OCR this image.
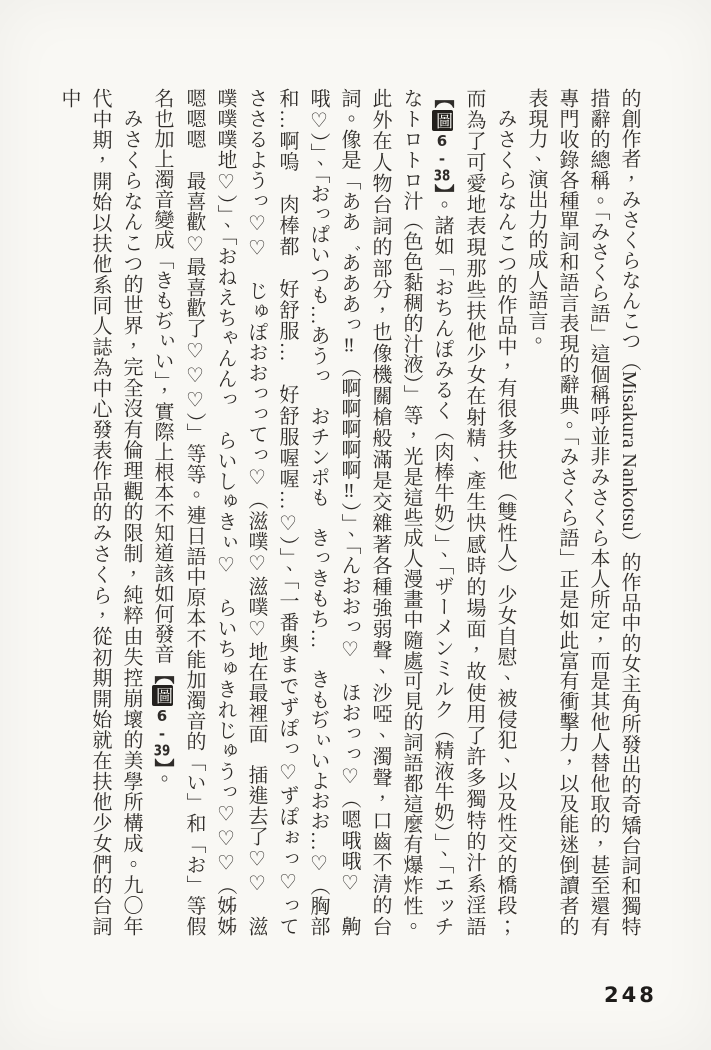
的創作者，みさくらなんこつ（Misakura Nankotsu）的作品中的女主角所發出的奇矯台詞和獨特措辭的總稱。「みさくら語」這個稱呼並非みさくら本人所定，而是其他人替他取的，甚至還有專門收錄各種單詞和語言表現的辭典。「みさくら語」正是如此富有衝擊力，以及能迷倒讀者的表現力、演出力的成人語言。

みさくらなんこつ的作品中，有很多扶他（雙性人）少女自慰、被侵犯、以及性交的橋段；而為了可愛地表現那些扶他少女在射精、產生快感時的場面，故使用了許多獨特的汁系淫語【圖6-38】。諸如「おちんぽみるく（肉棒牛奶）」、「ザーメンミルク（精液牛奶）」、「エッチなトロトロ汁（色色黏稠的汁液）」等，光是這些成人漫畫中隨處可見的詞語都這麼有爆炸性。此外在人物台詞的部分，也像機關槍般滿是交雜著各種強弱聲、沙啞、濁聲，口齒不清的台詞。像是「ああ゛あああっ‼（啊啊啊啊啊‼）」、「んおおっ♡　ほおっっ♡（嗯哦哦♡　齁哦♡）」、「おっぱいつも…あうっ　おチンポも　きっきもち…　きもぢぃいよおお…♡（胸部和…啊嗚　肉棒都　好舒服…　好舒服喔喔…♡）」、「一番奥までずぽっ♡ずぽぉっ♡って　ささるようっ♡♡　じゅぽおおっってっ♡（滋噗♡滋噗♡地在最裡面　插進去了♡♡　滋噗噗噗地♡）」、「おねえちゃんんっ　らいしゅきぃ♡　らいちゅきれじゅうっ♡♡♡（姊姊嗯嗯嗯　最喜歡♡最喜歡了♡♡♡）」等等。連日語中原本不能加濁音的「い」和「お」等假名也加上濁音變成「きもぢぃい」，實際上根本不知道該如何發音【圖6-39】。

みさくらなんこつ的世界，完全沒有倫理觀的限制，純粹由失控崩壞的美學所構成。九〇年代中期，開始以扶他系同人誌為中心發表作品的みさくら，從初期開始就在扶他少女們的台詞中

248
